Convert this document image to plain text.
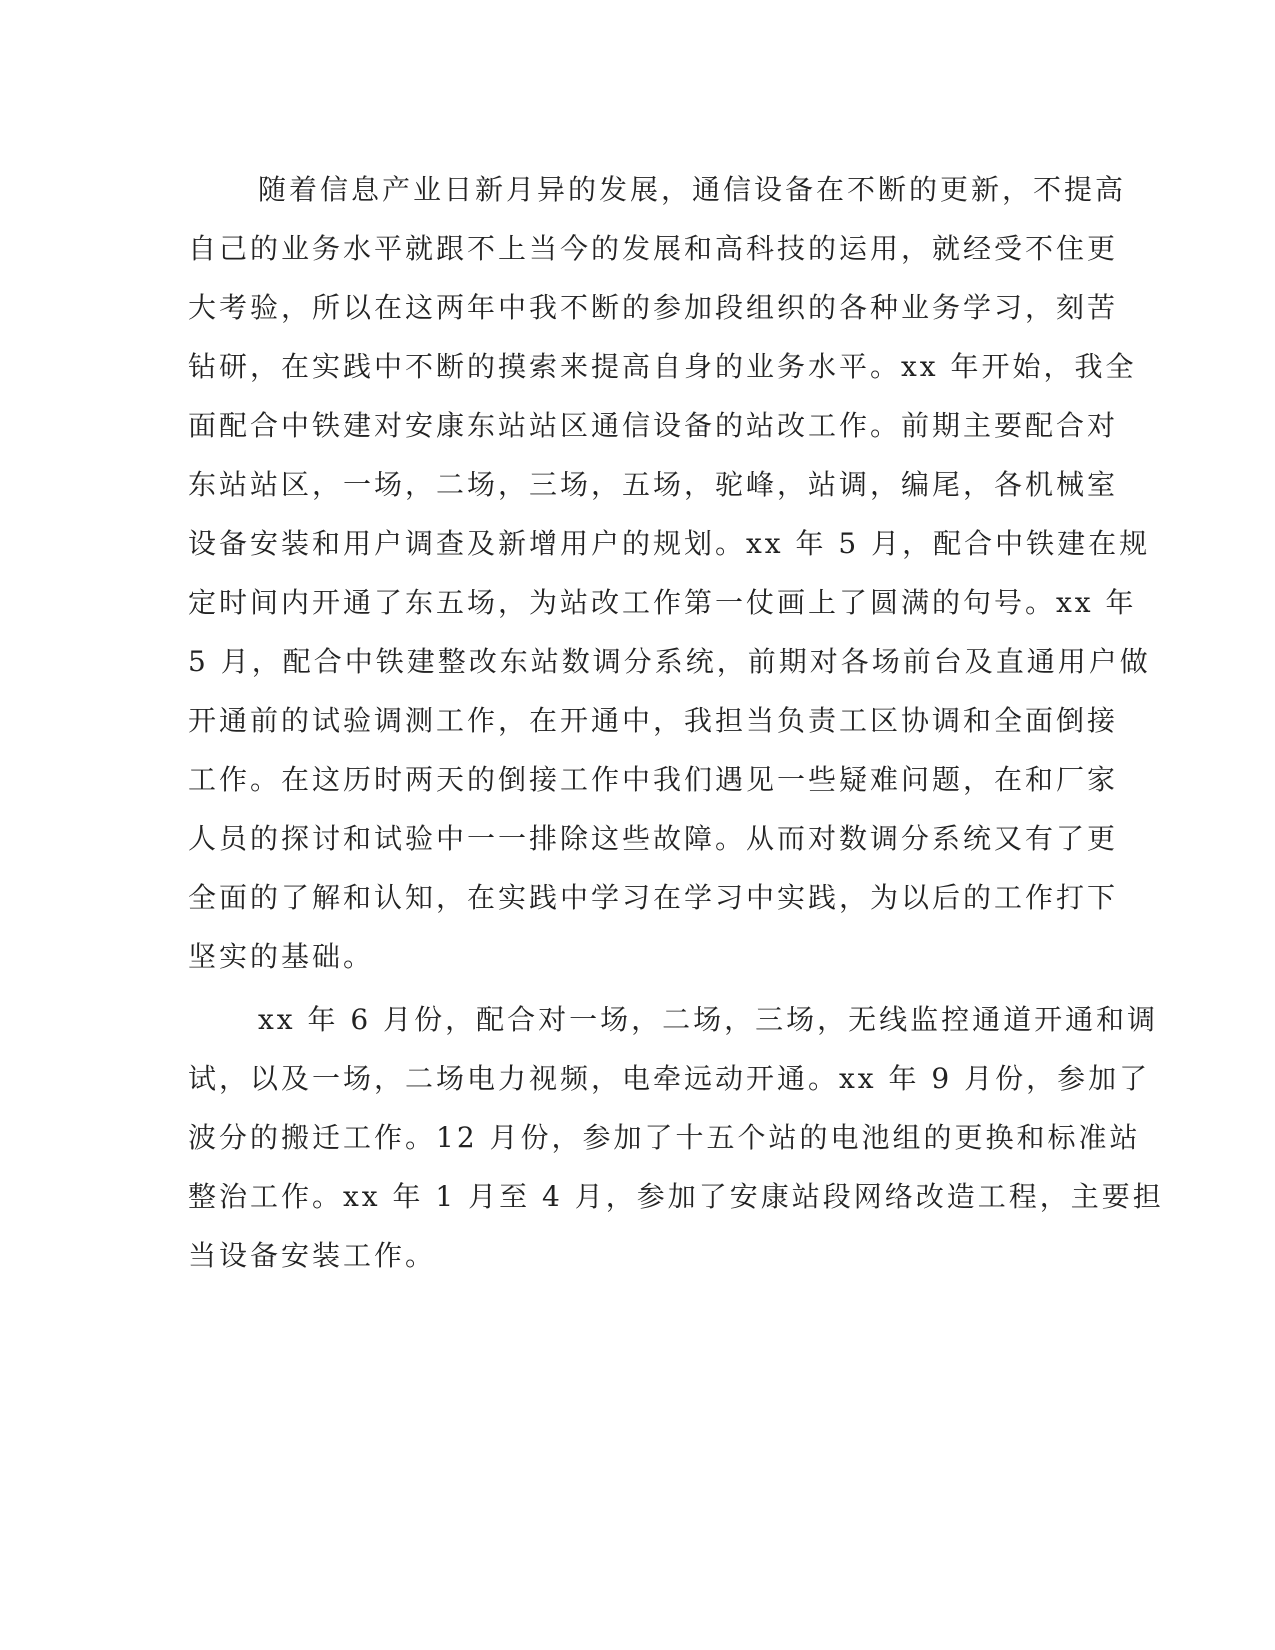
随着信息产业日新月异的发展，通信设备在不断的更新，不提高
自己的业务水平就跟不上当今的发展和高科技的运用，就经受不住更
大考验，所以在这两年中我不断的参加段组织的各种业务学习，刻苦
钻研，在实践中不断的摸索来提高自身的业务水平。xx 年开始，我全
面配合中铁建对安康东站站区通信设备的站改工作。前期主要配合对
东站站区，一场，二场，三场，五场，驼峰，站调，编尾，各机械室
设备安装和用户调查及新增用户的规划。xx 年 5 月，配合中铁建在规
定时间内开通了东五场，为站改工作第一仗画上了圆满的句号。xx 年
5 月，配合中铁建整改东站数调分系统，前期对各场前台及直通用户做
开通前的试验调测工作，在开通中，我担当负责工区协调和全面倒接
工作。在这历时两天的倒接工作中我们遇见一些疑难问题，在和厂家
人员的探讨和试验中一一排除这些故障。从而对数调分系统又有了更
全面的了解和认知，在实践中学习在学习中实践，为以后的工作打下
坚实的基础。
xx 年 6 月份，配合对一场，二场，三场，无线监控通道开通和调
试，以及一场，二场电力视频，电牵远动开通。xx 年 9 月份，参加了
波分的搬迁工作。12 月份，参加了十五个站的电池组的更换和标准站
整治工作。xx 年 1 月至 4 月，参加了安康站段网络改造工程，主要担
当设备安装工作。
